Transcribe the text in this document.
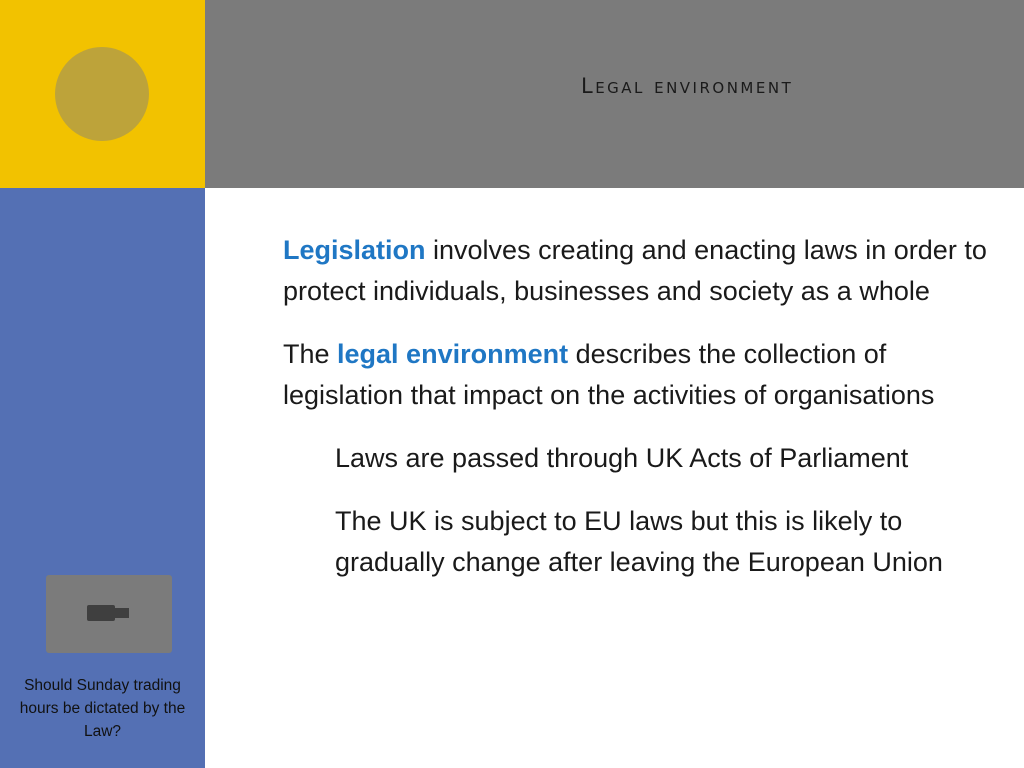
Legal environment
Should Sunday trading hours be dictated by the Law?
Legislation involves creating and enacting laws in order to protect individuals, businesses and society as a whole
The legal environment describes the collection of legislation that impact on the activities of organisations
Laws are passed through UK Acts of Parliament
The UK is subject to EU laws but this is likely to gradually change after leaving the European Union
